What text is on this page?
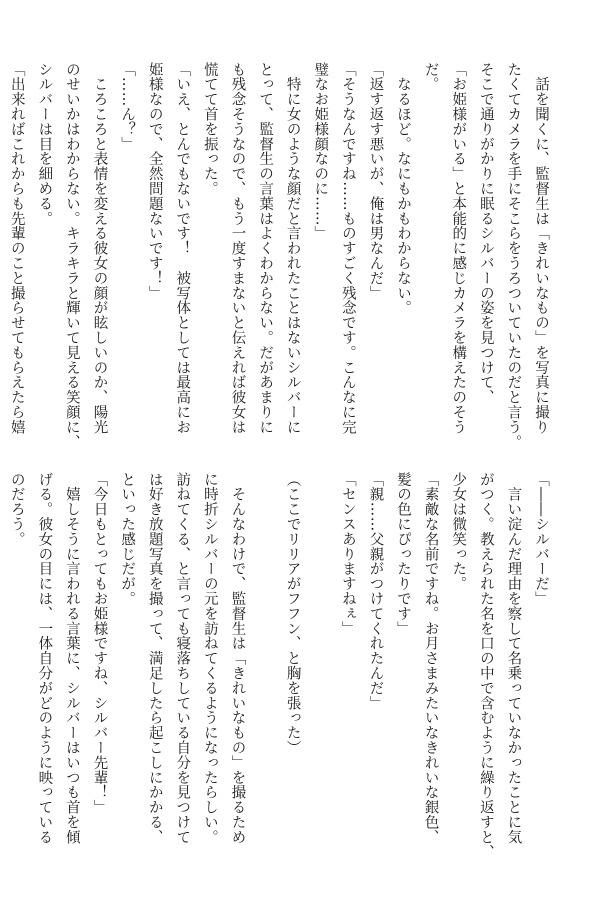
　話を聞くに、監督生は「きれいなもの」を写真に撮り
たくてカメラを手にそこらをうろついていたのだと言う。
そこで通りがかりに眠るシルバーの姿を見つけて、
「お姫様がいる」と本能的に感じカメラを構えたのそう
だ。
　なるほど。なにもかもわからない。
「返す返す悪いが、俺は男なんだ」
「そうなんですね……ものすごく残念です。こんなに完
璧なお姫様顔なのに……」
　特に女のような顔だと言われたことはないシルバーに
とって、監督生の言葉はよくわからない。だがあまりに
も残念そうなので、もう一度すまないと伝えれば彼女は
慌てて首を振った。
「いえ、とんでもないです！　被写体としては最高にお
姫様なので、全然問題ないです！」
「……ん？」
　ころころと表情を変える彼女の顔が眩しいのか、陽光
のせいかはわからない。キラキラと輝いて見える笑顔に、
シルバーは目を細める。
「出来ればこれからも先輩のこと撮らせてもらえたら嬉
「――シルバーだ」
　言い淀んだ理由を察して名乗っていなかったことに気
がつく。教えられた名を口の中で含むように繰り返すと、
少女は微笑った。
「素敵な名前ですね。お月さまみたいなきれいな銀色、
髪の色にぴったりです」
「親……父親がつけてくれたんだ」
「センスありますねぇ」

（ここでリリアがフフン、と胸を張った）

　そんなわけで、監督生は「きれいなもの」を撮るため
に時折シルバーの元を訪ねてくるようになったらしい。
訪ねてくる、と言っても寝落ちしている自分を見つけて
は好き放題写真を撮って、満足したら起こしにかかる、
といった感じだが。
「今日もとってもお姫様ですね、シルバー先輩！」
　嬉しそうに言われる言葉に、シルバーはいつも首を傾
げる。彼女の目には、一体自分がどのように映っている
のだろう。
